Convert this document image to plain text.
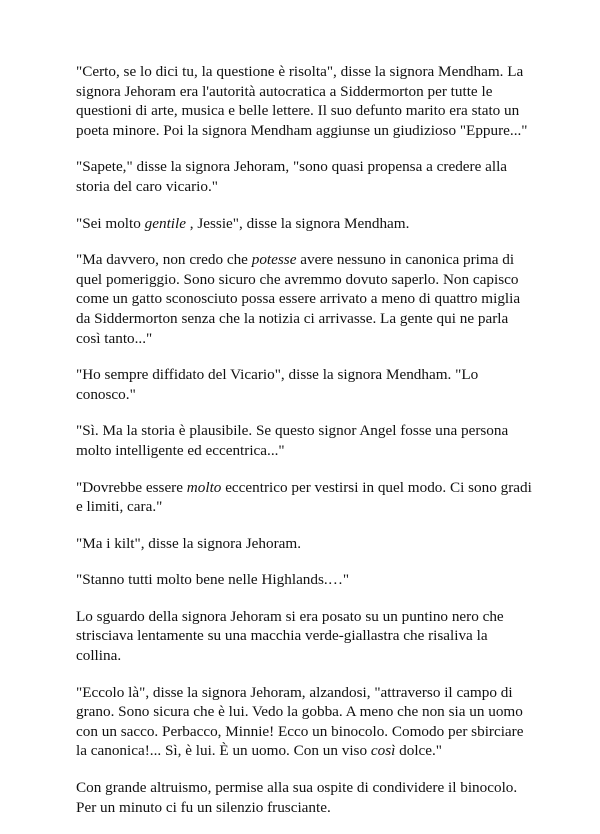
"Certo, se lo dici tu, la questione è risolta", disse la signora Mendham. La signora Jehoram era l'autorità autocratica a Siddermorton per tutte le questioni di arte, musica e belle lettere. Il suo defunto marito era stato un poeta minore. Poi la signora Mendham aggiunse un giudizioso "Eppure..."

"Sapete," disse la signora Jehoram, "sono quasi propensa a credere alla storia del caro vicario."

"Sei molto gentile , Jessie", disse la signora Mendham.

"Ma davvero, non credo che potesse avere nessuno in canonica prima di quel pomeriggio. Sono sicuro che avremmo dovuto saperlo. Non capisco come un gatto sconosciuto possa essere arrivato a meno di quattro miglia da Siddermorton senza che la notizia ci arrivasse. La gente qui ne parla così tanto..."

"Ho sempre diffidato del Vicario", disse la signora Mendham. "Lo conosco."

"Sì. Ma la storia è plausibile. Se questo signor Angel fosse una persona molto intelligente ed eccentrica..."

"Dovrebbe essere molto eccentrico per vestirsi in quel modo. Ci sono gradi e limiti, cara."

"Ma i kilt", disse la signora Jehoram.

"Stanno tutti molto bene nelle Highlands.…"

Lo sguardo della signora Jehoram si era posato su un puntino nero che strisciava lentamente su una macchia verde-giallastra che risaliva la collina.

"Eccolo là", disse la signora Jehoram, alzandosi, "attraverso il campo di grano. Sono sicura che è lui. Vedo la gobba. A meno che non sia un uomo con un sacco. Perbacco, Minnie! Ecco un binocolo. Comodo per sbirciare la canonica!... Sì, è lui. È un uomo. Con un viso così dolce."

Con grande altruismo, permise alla sua ospite di condividere il binocolo. Per un minuto ci fu un silenzio frusciante.
